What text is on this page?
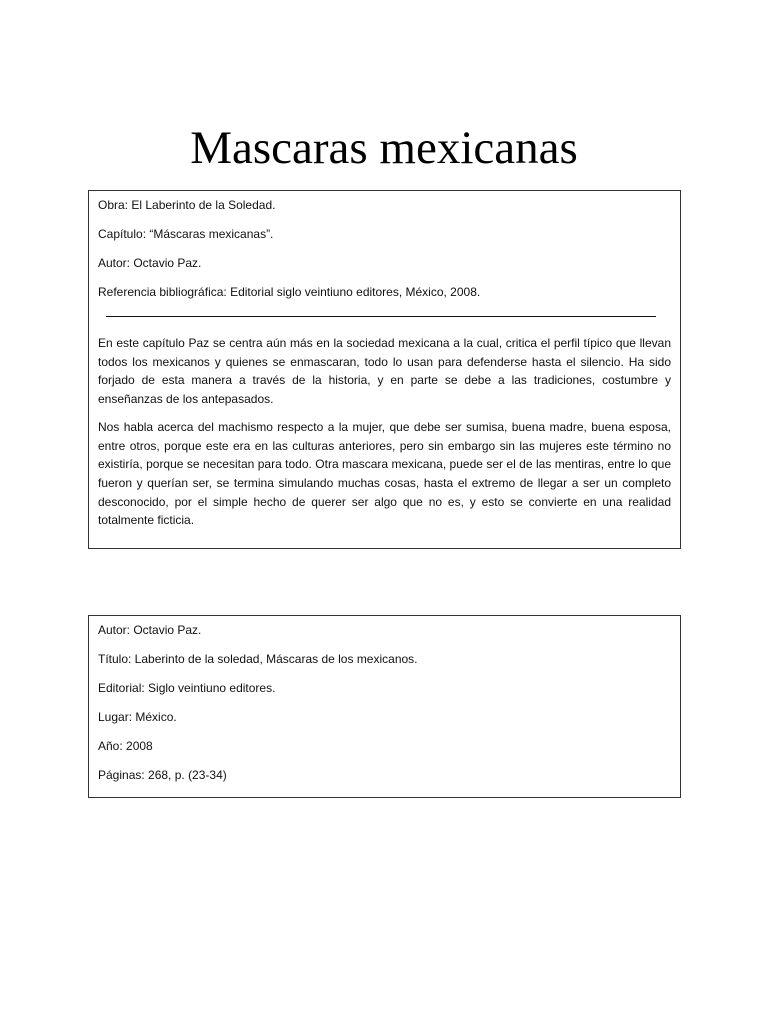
Mascaras mexicanas

Obra: El Laberinto de la Soledad.

Capítulo: “Máscaras mexicanas”.

Autor: Octavio Paz.

Referencia bibliográfica: Editorial siglo veintiuno editores, México, 2008.

En este capítulo Paz se centra aún más en la sociedad mexicana a la cual, critica el perfil típico que llevan todos los mexicanos y quienes se enmascaran, todo lo usan para defenderse hasta el silencio. Ha sido forjado de esta manera a través de la historia, y en parte se debe a las tradiciones, costumbre y enseñanzas de los antepasados.

Nos habla acerca del machismo respecto a la mujer, que debe ser sumisa, buena madre, buena esposa, entre otros, porque este era en las culturas anteriores, pero sin embargo sin las mujeres este término no existiría, porque se necesitan para todo. Otra mascara mexicana, puede ser el de las mentiras, entre lo que fueron y querían ser, se termina simulando muchas cosas, hasta el extremo de llegar a ser un completo desconocido, por el simple hecho de querer ser algo que no es, y esto se convierte en una realidad totalmente ficticia.

Autor: Octavio Paz.

Título: Laberinto de la soledad, Máscaras de los mexicanos.

Editorial: Siglo veintiuno editores.

Lugar: México.

Año: 2008

Páginas: 268, p. (23-34)
